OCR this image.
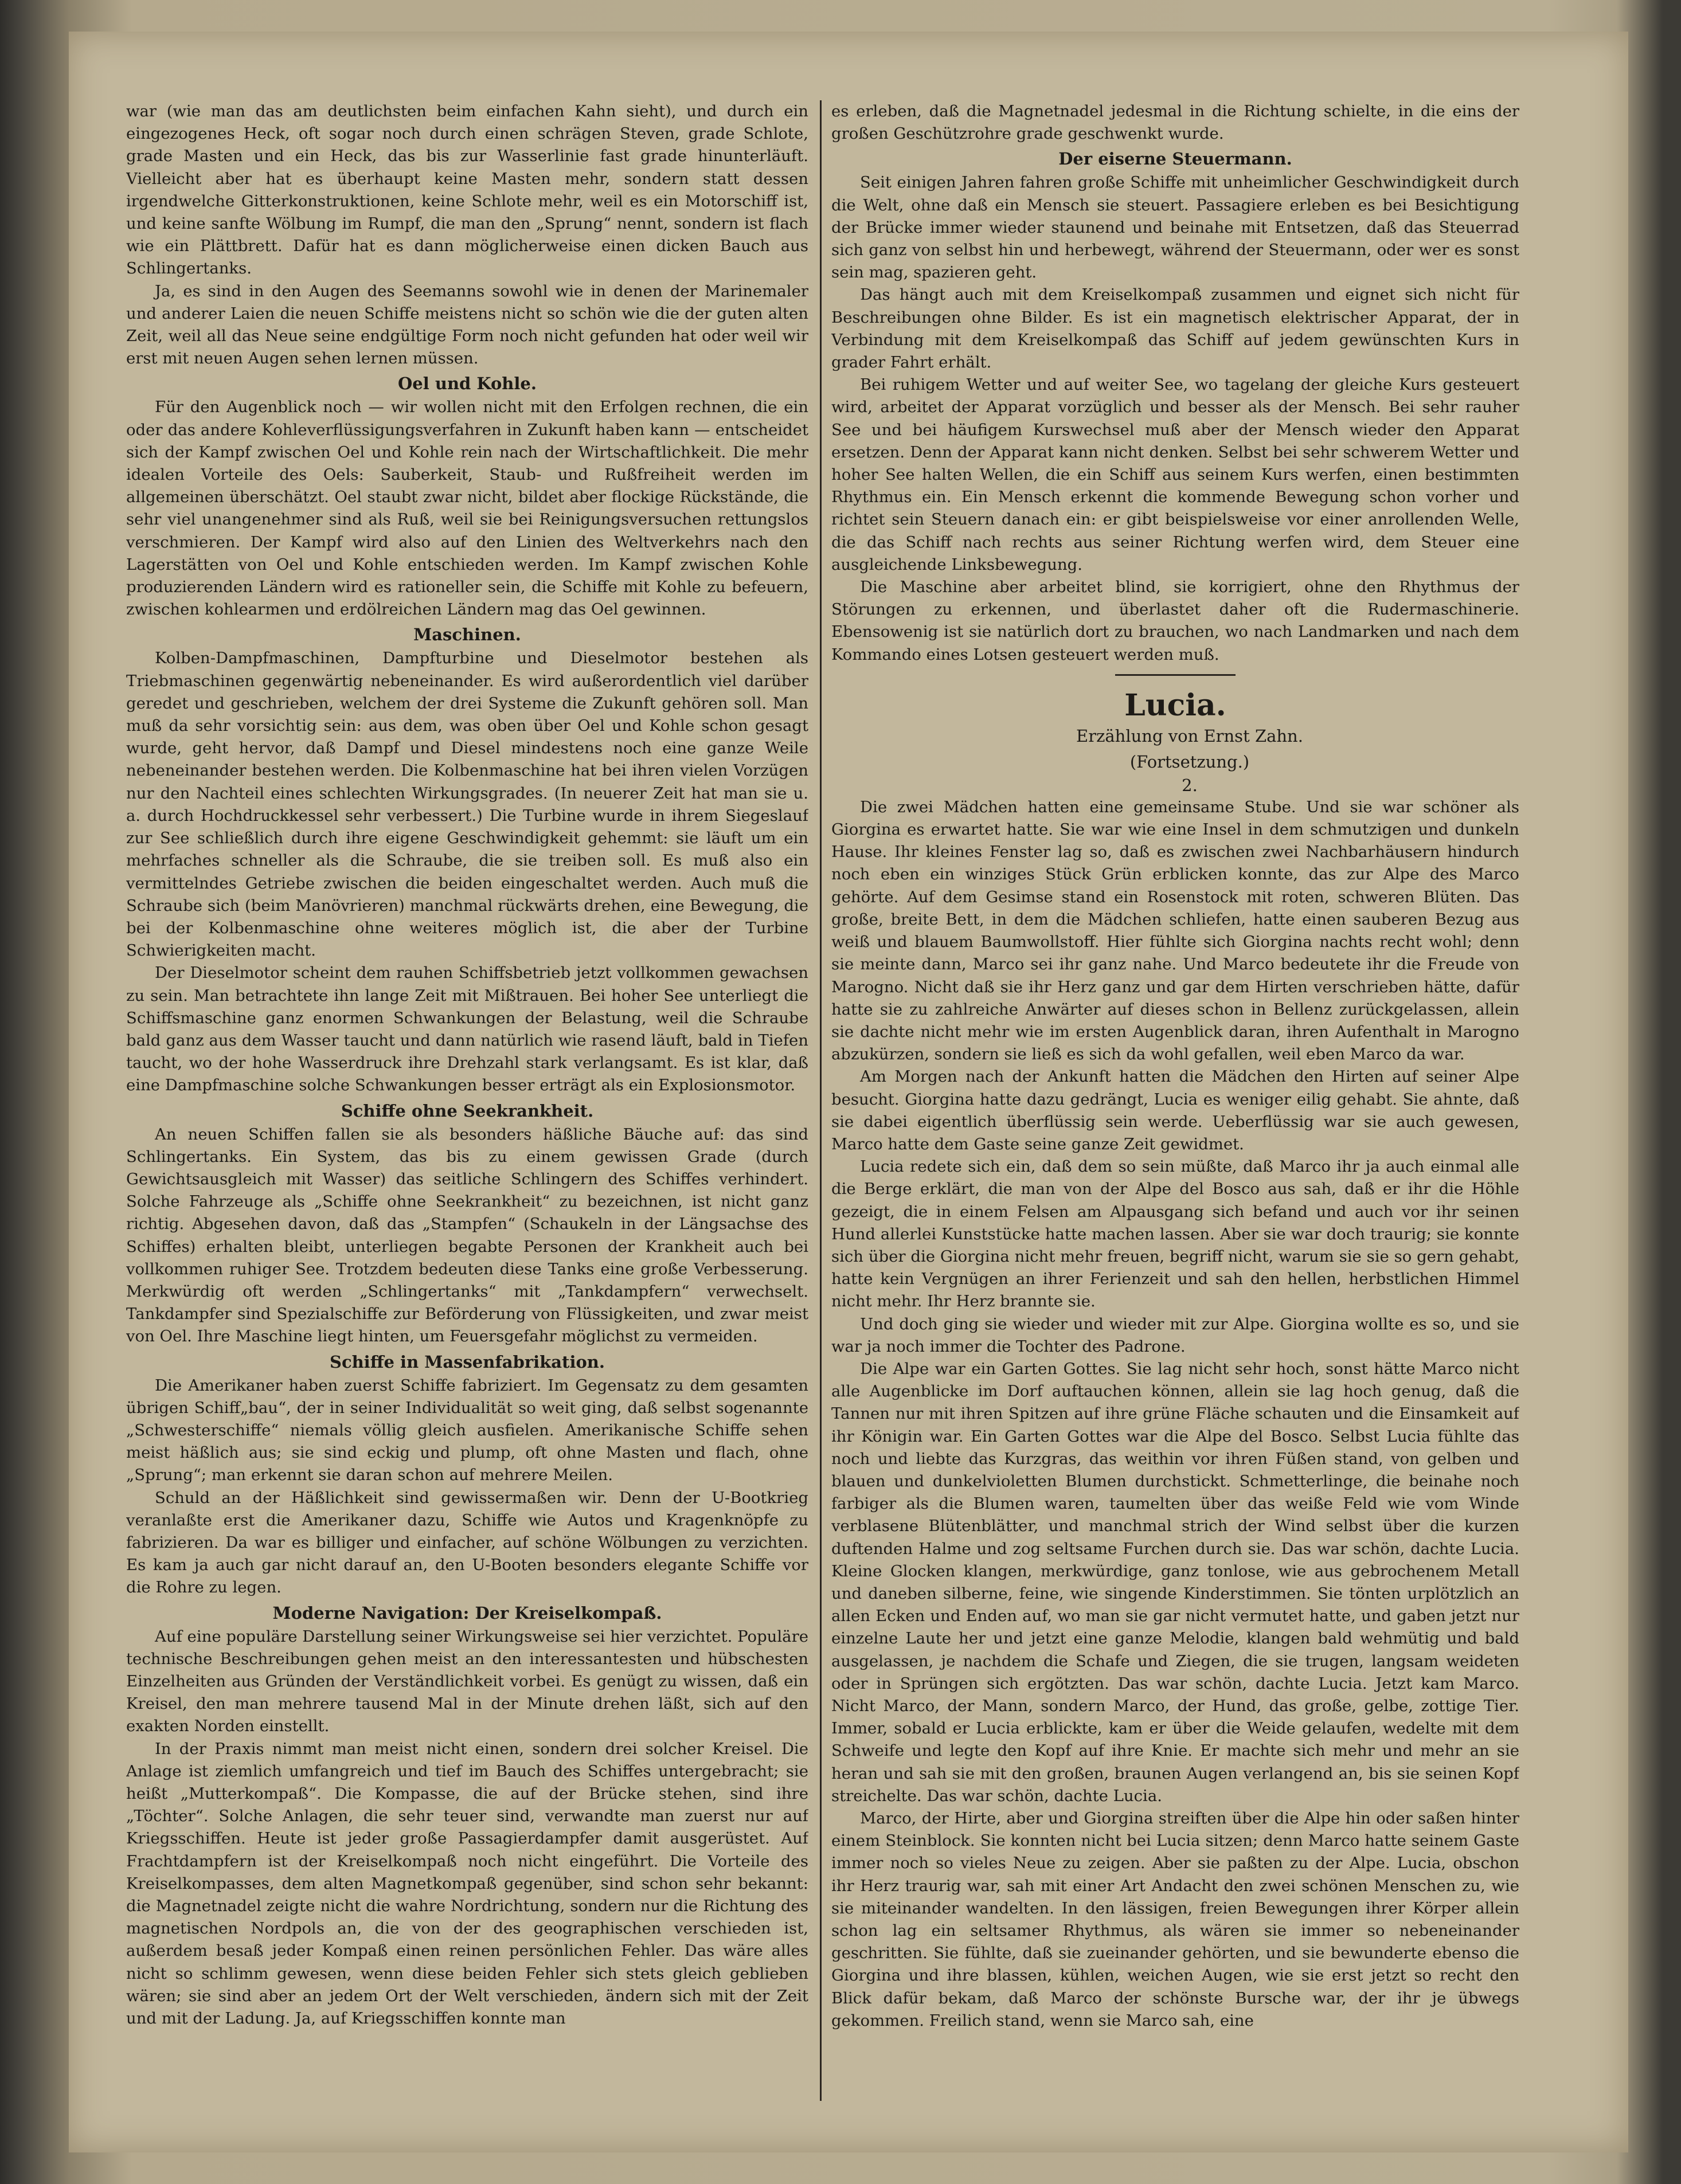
war (wie man das am deutlichsten beim einfachen Kahn sieht), und durch ein eingezogenes Heck, oft sogar noch durch einen schrägen Steven, grade Schlote, grade Masten und ein Heck, das bis zur Wasserlinie fast grade hinunterläuft. Vielleicht aber hat es überhaupt keine Masten mehr, sondern statt dessen irgendwelche Gitterkonstruktionen, keine Schlote mehr, weil es ein Motorschiff ist, und keine sanfte Wölbung im Rumpf, die man den „Sprung“ nennt, sondern ist flach wie ein Plättbrett. Dafür hat es dann möglicherweise einen dicken Bauch aus Schlingertanks.

Ja, es sind in den Augen des Seemanns sowohl wie in denen der Marinemaler und anderer Laien die neuen Schiffe meistens nicht so schön wie die der guten alten Zeit, weil all das Neue seine endgültige Form noch nicht gefunden hat oder weil wir erst mit neuen Augen sehen lernen müssen.

Oel und Kohle.

Für den Augenblick noch — wir wollen nicht mit den Erfolgen rechnen, die ein oder das andere Kohleverflüssigungsverfahren in Zukunft haben kann — entscheidet sich der Kampf zwischen Oel und Kohle rein nach der Wirtschaftlichkeit. Die mehr idealen Vorteile des Oels: Sauberkeit, Staub- und Rußfreiheit werden im allgemeinen überschätzt. Oel staubt zwar nicht, bildet aber flockige Rückstände, die sehr viel unangenehmer sind als Ruß, weil sie bei Reinigungsversuchen rettungslos verschmieren. Der Kampf wird also auf den Linien des Weltverkehrs nach den Lagerstätten von Oel und Kohle entschieden werden. Im Kampf zwischen Kohle produzierenden Ländern wird es rationeller sein, die Schiffe mit Kohle zu befeuern, zwischen kohlearmen und erdölreichen Ländern mag das Oel gewinnen.

Maschinen.

Kolben-Dampfmaschinen, Dampfturbine und Dieselmotor bestehen als Triebmaschinen gegenwärtig nebeneinander. Es wird außerordentlich viel darüber geredet und geschrieben, welchem der drei Systeme die Zukunft gehören soll. Man muß da sehr vorsichtig sein: aus dem, was oben über Oel und Kohle schon gesagt wurde, geht hervor, daß Dampf und Diesel mindestens noch eine ganze Weile nebeneinander bestehen werden. Die Kolbenmaschine hat bei ihren vielen Vorzügen nur den Nachteil eines schlechten Wirkungsgrades. (In neuerer Zeit hat man sie u. a. durch Hochdruckkessel sehr verbessert.) Die Turbine wurde in ihrem Siegeslauf zur See schließlich durch ihre eigene Geschwindigkeit gehemmt: sie läuft um ein mehrfaches schneller als die Schraube, die sie treiben soll. Es muß also ein vermittelndes Getriebe zwischen die beiden eingeschaltet werden. Auch muß die Schraube sich (beim Manövrieren) manchmal rückwärts drehen, eine Bewegung, die bei der Kolbenmaschine ohne weiteres möglich ist, die aber der Turbine Schwierigkeiten macht.

Der Dieselmotor scheint dem rauhen Schiffsbetrieb jetzt vollkommen gewachsen zu sein. Man betrachtete ihn lange Zeit mit Mißtrauen. Bei hoher See unterliegt die Schiffsmaschine ganz enormen Schwankungen der Belastung, weil die Schraube bald ganz aus dem Wasser taucht und dann natürlich wie rasend läuft, bald in Tiefen taucht, wo der hohe Wasserdruck ihre Drehzahl stark verlangsamt. Es ist klar, daß eine Dampfmaschine solche Schwankungen besser erträgt als ein Explosionsmotor.

Schiffe ohne Seekrankheit.

An neuen Schiffen fallen sie als besonders häßliche Bäuche auf: das sind Schlingertanks. Ein System, das bis zu einem gewissen Grade (durch Gewichtsausgleich mit Wasser) das seitliche Schlingern des Schiffes verhindert. Solche Fahrzeuge als „Schiffe ohne Seekrankheit“ zu bezeichnen, ist nicht ganz richtig. Abgesehen davon, daß das „Stampfen“ (Schaukeln in der Längsachse des Schiffes) erhalten bleibt, unterliegen begabte Personen der Krankheit auch bei vollkommen ruhiger See. Trotzdem bedeuten diese Tanks eine große Verbesserung. Merkwürdig oft werden „Schlingertanks“ mit „Tankdampfern“ verwechselt. Tankdampfer sind Spezialschiffe zur Beförderung von Flüssigkeiten, und zwar meist von Oel. Ihre Maschine liegt hinten, um Feuersgefahr möglichst zu vermeiden.

Schiffe in Massenfabrikation.

Die Amerikaner haben zuerst Schiffe fabriziert. Im Gegensatz zu dem gesamten übrigen Schiff„bau“, der in seiner Individualität so weit ging, daß selbst sogenannte „Schwesterschiffe“ niemals völlig gleich ausfielen. Amerikanische Schiffe sehen meist häßlich aus; sie sind eckig und plump, oft ohne Masten und flach, ohne „Sprung“; man erkennt sie daran schon auf mehrere Meilen.

Schuld an der Häßlichkeit sind gewissermaßen wir. Denn der U-Bootkrieg veranlaßte erst die Amerikaner dazu, Schiffe wie Autos und Kragenknöpfe zu fabrizieren. Da war es billiger und einfacher, auf schöne Wölbungen zu verzichten. Es kam ja auch gar nicht darauf an, den U-Booten besonders elegante Schiffe vor die Rohre zu legen.

Moderne Navigation: Der Kreiselkompaß.

Auf eine populäre Darstellung seiner Wirkungsweise sei hier verzichtet. Populäre technische Beschreibungen gehen meist an den interessantesten und hübschesten Einzelheiten aus Gründen der Verständlichkeit vorbei. Es genügt zu wissen, daß ein Kreisel, den man mehrere tausend Mal in der Minute drehen läßt, sich auf den exakten Norden einstellt.

In der Praxis nimmt man meist nicht einen, sondern drei solcher Kreisel. Die Anlage ist ziemlich umfangreich und tief im Bauch des Schiffes untergebracht; sie heißt „Mutterkompaß“. Die Kompasse, die auf der Brücke stehen, sind ihre „Töchter“. Solche Anlagen, die sehr teuer sind, verwandte man zuerst nur auf Kriegsschiffen. Heute ist jeder große Passagierdampfer damit ausgerüstet. Auf Frachtdampfern ist der Kreiselkompaß noch nicht eingeführt. Die Vorteile des Kreiselkompasses, dem alten Magnetkompaß gegenüber, sind schon sehr bekannt: die Magnetnadel zeigte nicht die wahre Nordrichtung, sondern nur die Richtung des magnetischen Nordpols an, die von der des geographischen verschieden ist, außerdem besaß jeder Kompaß einen reinen persönlichen Fehler. Das wäre alles nicht so schlimm gewesen, wenn diese beiden Fehler sich stets gleich geblieben wären; sie sind aber an jedem Ort der Welt verschieden, ändern sich mit der Zeit und mit der Ladung. Ja, auf Kriegsschiffen konnte man

es erleben, daß die Magnetnadel jedesmal in die Richtung schielte, in die eins der großen Geschützrohre grade geschwenkt wurde.

Der eiserne Steuermann.

Seit einigen Jahren fahren große Schiffe mit unheimlicher Geschwindigkeit durch die Welt, ohne daß ein Mensch sie steuert. Passagiere erleben es bei Besichtigung der Brücke immer wieder staunend und beinahe mit Entsetzen, daß das Steuerrad sich ganz von selbst hin und herbewegt, während der Steuermann, oder wer es sonst sein mag, spazieren geht.

Das hängt auch mit dem Kreiselkompaß zusammen und eignet sich nicht für Beschreibungen ohne Bilder. Es ist ein magnetisch elektrischer Apparat, der in Verbindung mit dem Kreiselkompaß das Schiff auf jedem gewünschten Kurs in grader Fahrt erhält.

Bei ruhigem Wetter und auf weiter See, wo tagelang der gleiche Kurs gesteuert wird, arbeitet der Apparat vorzüglich und besser als der Mensch. Bei sehr rauher See und bei häufigem Kurswechsel muß aber der Mensch wieder den Apparat ersetzen. Denn der Apparat kann nicht denken. Selbst bei sehr schwerem Wetter und hoher See halten Wellen, die ein Schiff aus seinem Kurs werfen, einen bestimmten Rhythmus ein. Ein Mensch erkennt die kommende Bewegung schon vorher und richtet sein Steuern danach ein: er gibt beispielsweise vor einer anrollenden Welle, die das Schiff nach rechts aus seiner Richtung werfen wird, dem Steuer eine ausgleichende Linksbewegung.

Die Maschine aber arbeitet blind, sie korrigiert, ohne den Rhythmus der Störungen zu erkennen, und überlastet daher oft die Rudermaschinerie. Ebensowenig ist sie natürlich dort zu brauchen, wo nach Landmarken und nach dem Kommando eines Lotsen gesteuert werden muß.

Lucia.

Erzählung von Ernst Zahn.

(Fortsetzung.)

2.

Die zwei Mädchen hatten eine gemeinsame Stube. Und sie war schöner als Giorgina es erwartet hatte. Sie war wie eine Insel in dem schmutzigen und dunkeln Hause. Ihr kleines Fenster lag so, daß es zwischen zwei Nachbarhäusern hindurch noch eben ein winziges Stück Grün erblicken konnte, das zur Alpe des Marco gehörte. Auf dem Gesimse stand ein Rosenstock mit roten, schweren Blüten. Das große, breite Bett, in dem die Mädchen schliefen, hatte einen sauberen Bezug aus weiß und blauem Baumwollstoff. Hier fühlte sich Giorgina nachts recht wohl; denn sie meinte dann, Marco sei ihr ganz nahe. Und Marco bedeutete ihr die Freude von Marogno. Nicht daß sie ihr Herz ganz und gar dem Hirten verschrieben hätte, dafür hatte sie zu zahlreiche Anwärter auf dieses schon in Bellenz zurückgelassen, allein sie dachte nicht mehr wie im ersten Augenblick daran, ihren Aufenthalt in Marogno abzukürzen, sondern sie ließ es sich da wohl gefallen, weil eben Marco da war.

Am Morgen nach der Ankunft hatten die Mädchen den Hirten auf seiner Alpe besucht. Giorgina hatte dazu gedrängt, Lucia es weniger eilig gehabt. Sie ahnte, daß sie dabei eigentlich überflüssig sein werde. Ueberflüssig war sie auch gewesen, Marco hatte dem Gaste seine ganze Zeit gewidmet.

Lucia redete sich ein, daß dem so sein müßte, daß Marco ihr ja auch einmal alle die Berge erklärt, die man von der Alpe del Bosco aus sah, daß er ihr die Höhle gezeigt, die in einem Felsen am Alpausgang sich befand und auch vor ihr seinen Hund allerlei Kunststücke hatte machen lassen. Aber sie war doch traurig; sie konnte sich über die Giorgina nicht mehr freuen, begriff nicht, warum sie sie so gern gehabt, hatte kein Vergnügen an ihrer Ferienzeit und sah den hellen, herbstlichen Himmel nicht mehr. Ihr Herz brannte sie.

Und doch ging sie wieder und wieder mit zur Alpe. Giorgina wollte es so, und sie war ja noch immer die Tochter des Padrone.

Die Alpe war ein Garten Gottes. Sie lag nicht sehr hoch, sonst hätte Marco nicht alle Augenblicke im Dorf auftauchen können, allein sie lag hoch genug, daß die Tannen nur mit ihren Spitzen auf ihre grüne Fläche schauten und die Einsamkeit auf ihr Königin war. Ein Garten Gottes war die Alpe del Bosco. Selbst Lucia fühlte das noch und liebte das Kurzgras, das weithin vor ihren Füßen stand, von gelben und blauen und dunkelvioletten Blumen durchstickt. Schmetterlinge, die beinahe noch farbiger als die Blumen waren, taumelten über das weiße Feld wie vom Winde verblasene Blütenblätter, und manchmal strich der Wind selbst über die kurzen duftenden Halme und zog seltsame Furchen durch sie. Das war schön, dachte Lucia. Kleine Glocken klangen, merkwürdige, ganz tonlose, wie aus gebrochenem Metall und daneben silberne, feine, wie singende Kinderstimmen. Sie tönten urplötzlich an allen Ecken und Enden auf, wo man sie gar nicht vermutet hatte, und gaben jetzt nur einzelne Laute her und jetzt eine ganze Melodie, klangen bald wehmütig und bald ausgelassen, je nachdem die Schafe und Ziegen, die sie trugen, langsam weideten oder in Sprüngen sich ergötzten. Das war schön, dachte Lucia. Jetzt kam Marco. Nicht Marco, der Mann, sondern Marco, der Hund, das große, gelbe, zottige Tier. Immer, sobald er Lucia erblickte, kam er über die Weide gelaufen, wedelte mit dem Schweife und legte den Kopf auf ihre Knie. Er machte sich mehr und mehr an sie heran und sah sie mit den großen, braunen Augen verlangend an, bis sie seinen Kopf streichelte. Das war schön, dachte Lucia.

Marco, der Hirte, aber und Giorgina streiften über die Alpe hin oder saßen hinter einem Steinblock. Sie konnten nicht bei Lucia sitzen; denn Marco hatte seinem Gaste immer noch so vieles Neue zu zeigen. Aber sie paßten zu der Alpe. Lucia, obschon ihr Herz traurig war, sah mit einer Art Andacht den zwei schönen Menschen zu, wie sie miteinander wandelten. In den lässigen, freien Bewegungen ihrer Körper allein schon lag ein seltsamer Rhythmus, als wären sie immer so nebeneinander geschritten. Sie fühlte, daß sie zueinander gehörten, und sie bewunderte ebenso die Giorgina und ihre blassen, kühlen, weichen Augen, wie sie erst jetzt so recht den Blick dafür bekam, daß Marco der schönste Bursche war, der ihr je übwegs gekommen. Freilich stand, wenn sie Marco sah, eine
